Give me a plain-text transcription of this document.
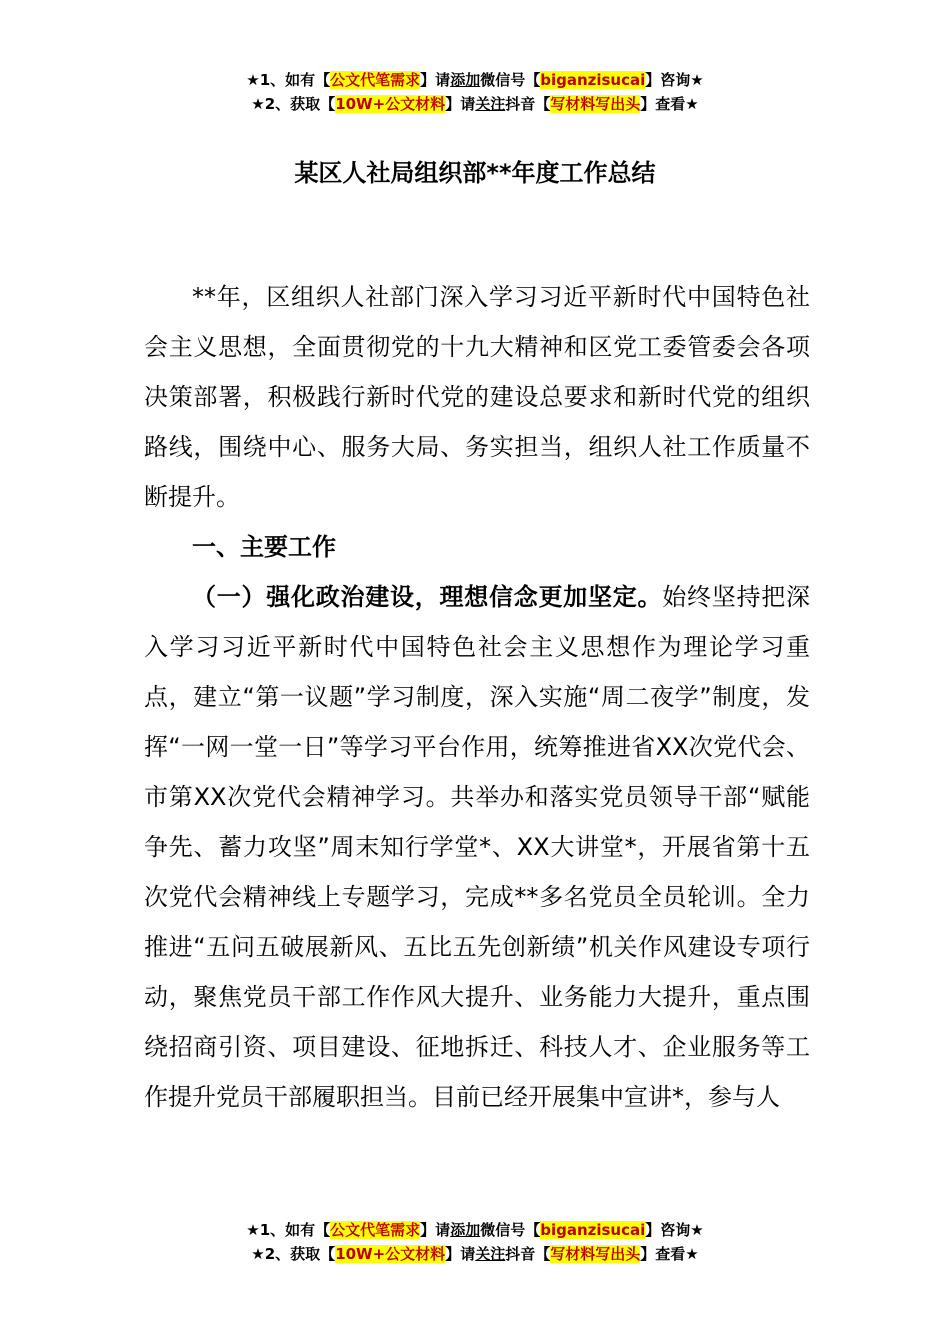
★1、如有【公文代笔需求】请添加微信号【biganzisucai】咨询★
★2、获取【10W+公文材料】请关注抖音【写材料写出头】查看★
某区人社局组织部**年度工作总结

**年，区组织人社部门深入学习习近平新时代中国特色社会主义思想，全面贯彻党的十九大精神和区党工委管委会各项决策部署，积极践行新时代党的建设总要求和新时代党的组织路线，围绕中心、服务大局、务实担当，组织人社工作质量不断提升。

一、主要工作

（一）强化政治建设，理想信念更加坚定。始终坚持把深入学习习近平新时代中国特色社会主义思想作为理论学习重点，建立“第一议题”学习制度，深入实施“周二夜学”制度，发挥“一网一堂一日”等学习平台作用，统筹推进省XX次党代会、市第XX次党代会精神学习。共举办和落实党员领导干部“赋能争先、蓄力攻坚”周末知行学堂*、XX大讲堂*，开展省第十五次党代会精神线上专题学习，完成**多名党员全员轮训。全力推进“五问五破展新风、五比五先创新绩”机关作风建设专项行动，聚焦党员干部工作作风大提升、业务能力大提升，重点围绕招商引资、项目建设、征地拆迁、科技人才、企业服务等工作提升党员干部履职担当。目前已经开展集中宣讲*，参与人

★1、如有【公文代笔需求】请添加微信号【biganzisucai】咨询★
★2、获取【10W+公文材料】请关注抖音【写材料写出头】查看★
